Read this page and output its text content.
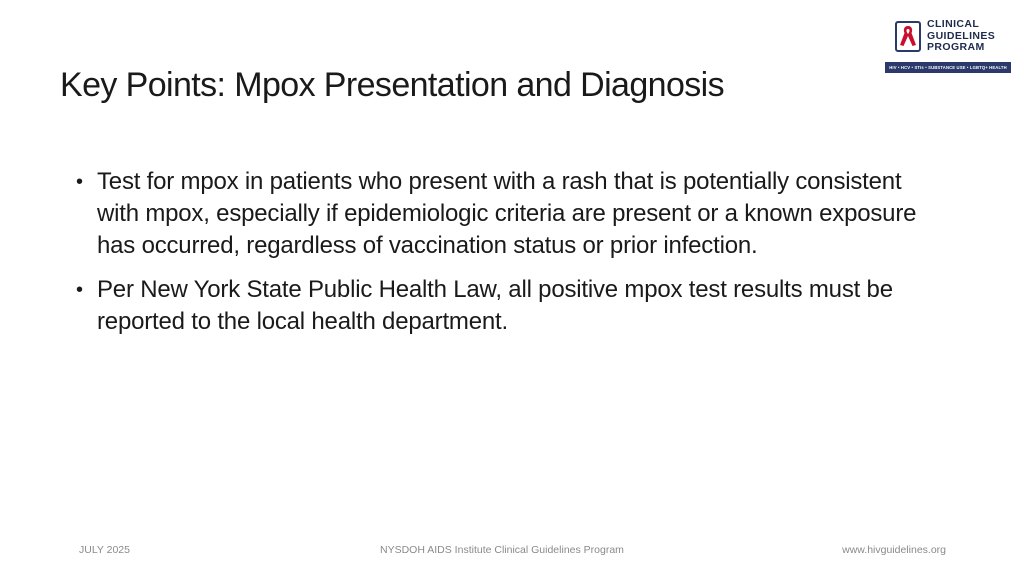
CLINICAL
GUIDELINES
PROGRAM
HIV • HCV • STIs • SUBSTANCE USE • LGBTQ+ HEALTH
Key Points: Mpox Presentation and Diagnosis
• Test for mpox in patients who present with a rash that is potentially consistent with mpox, especially if epidemiologic criteria are present or a known exposure has occurred, regardless of vaccination status or prior infection.
• Per New York State Public Health Law, all positive mpox test results must be reported to the local health department.
JULY 2025	NYSDOH AIDS Institute Clinical Guidelines Program	www.hivguidelines.org
